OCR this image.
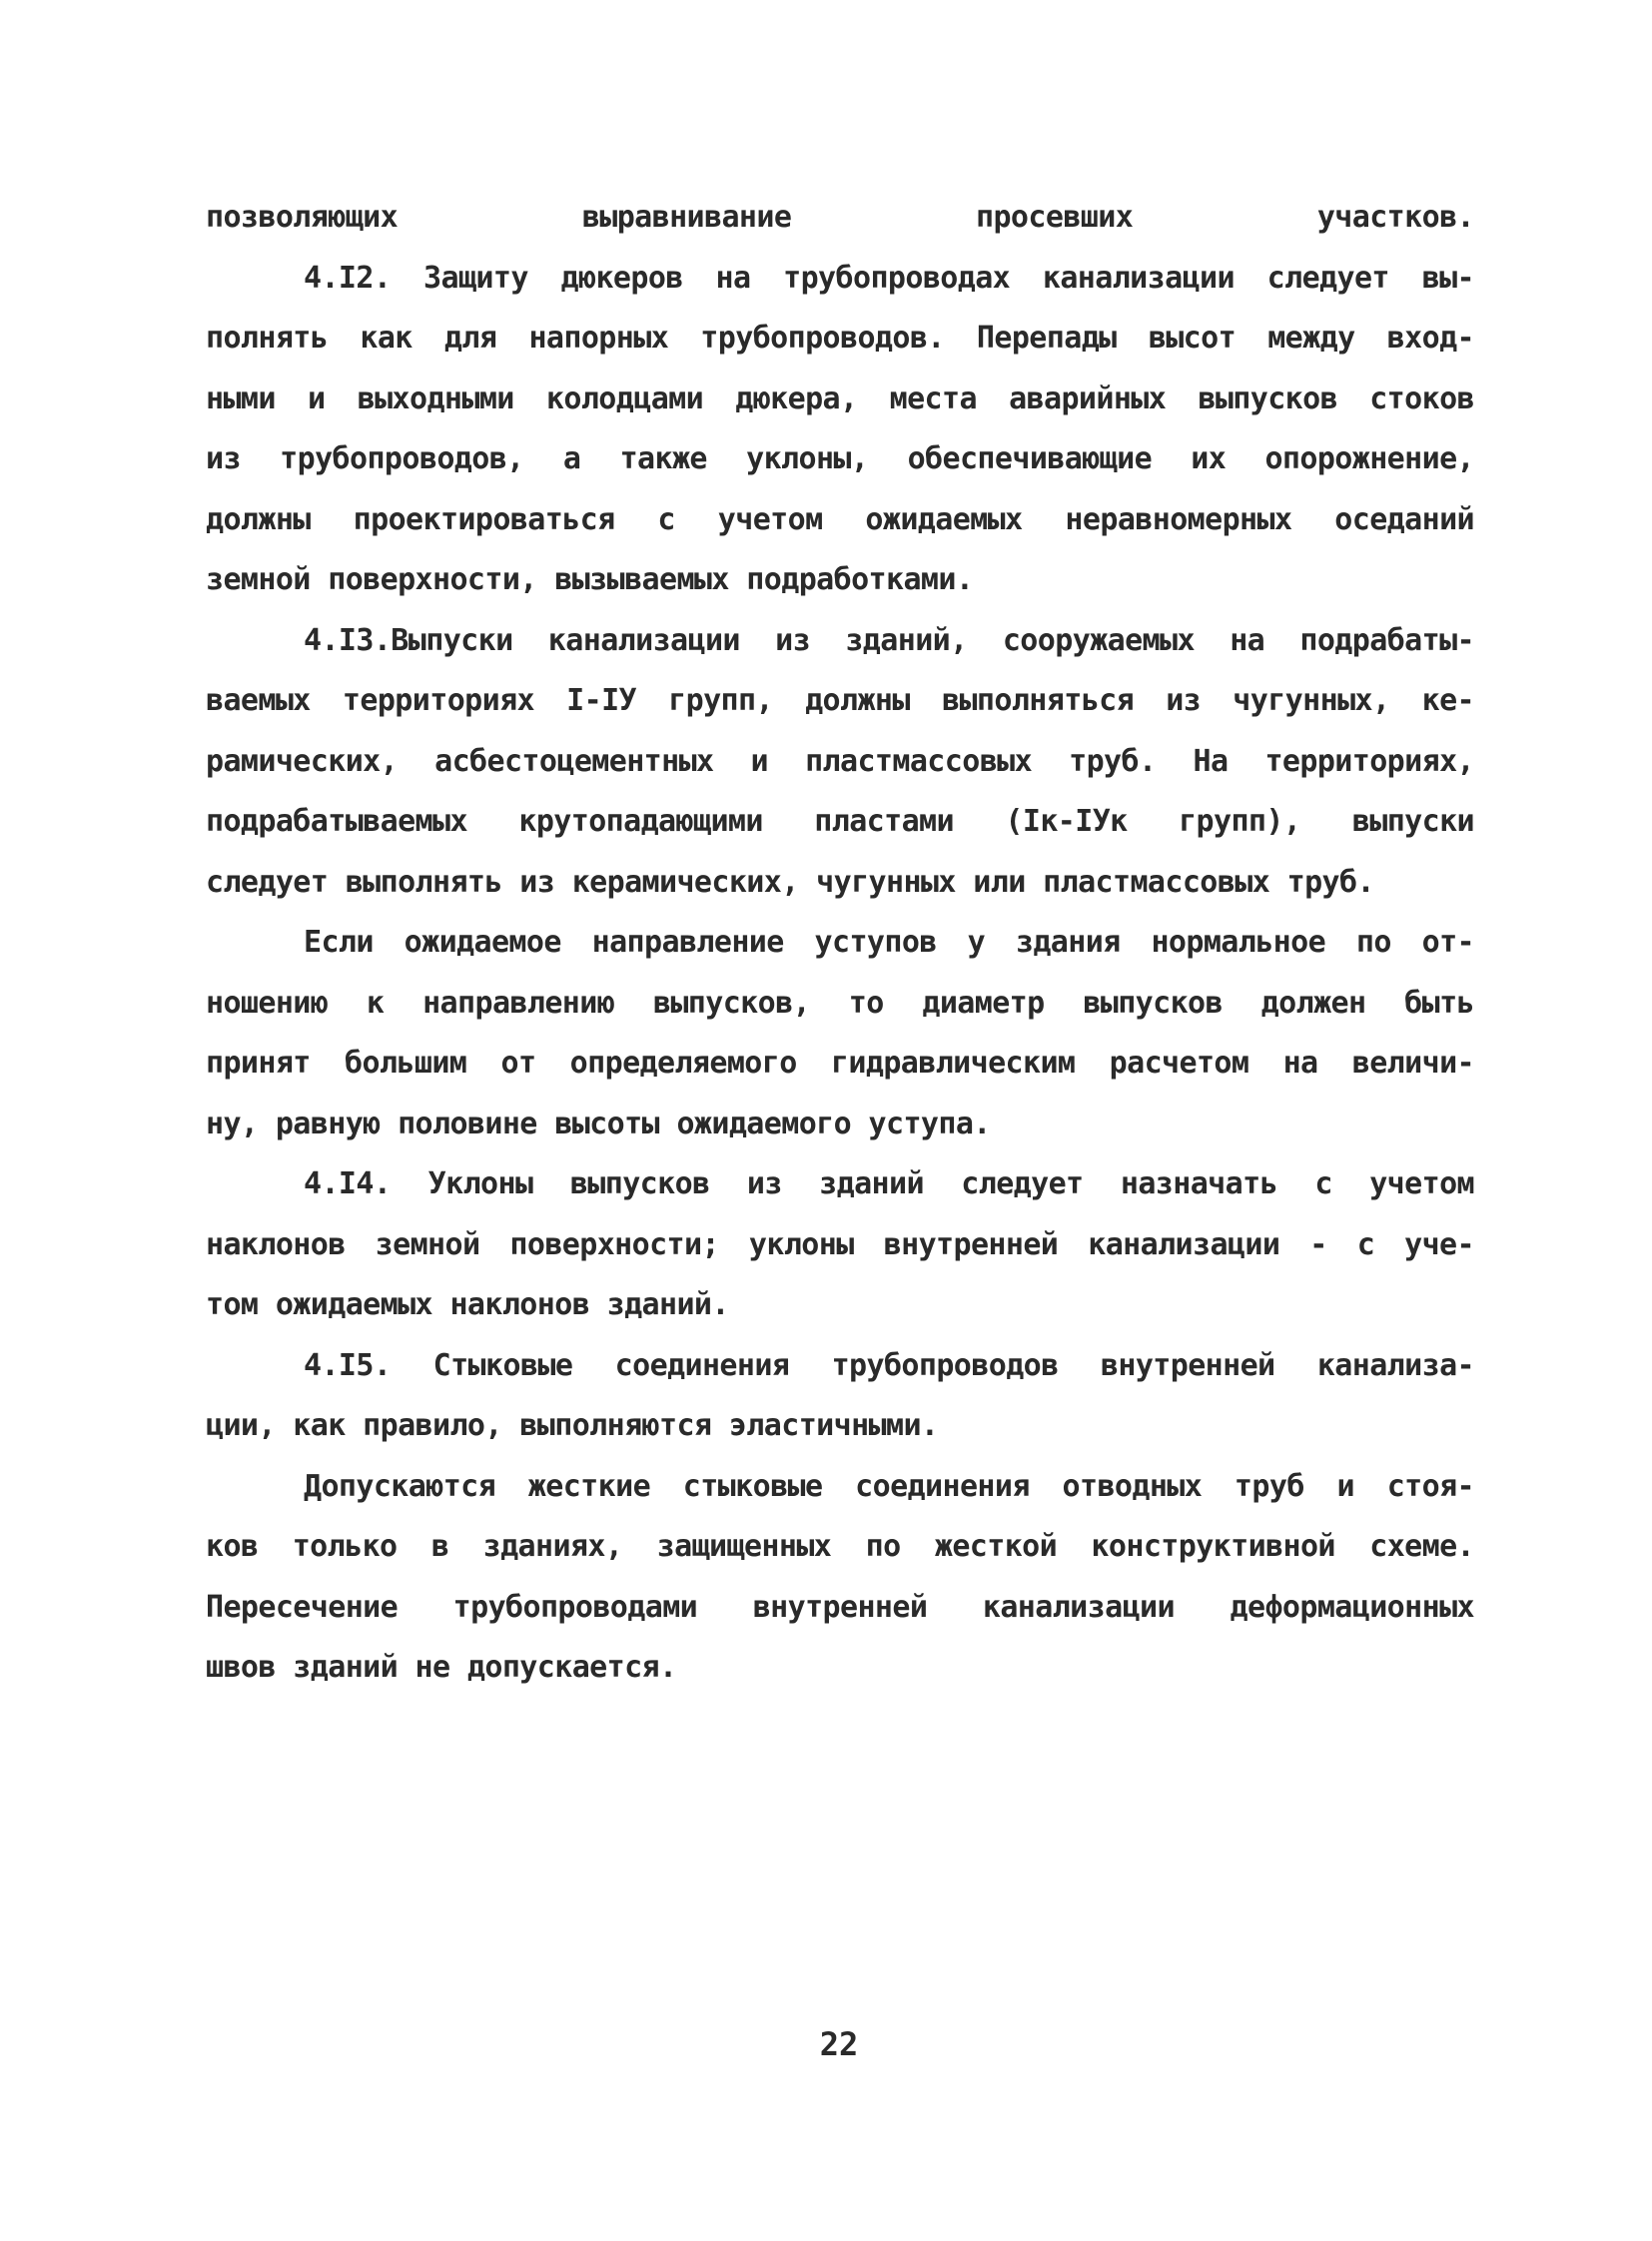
позволяющих выравнивание просевших участков.
4.I2. Защиту дюкеров на трубопроводах канализации следует вы-
полнять как для напорных трубопроводов. Перепады высот между вход-
ными и выходными колодцами дюкера, места аварийных выпусков стоков
из трубопроводов, а также уклоны, обеспечивающие их опорожнение,
должны проектироваться с учетом ожидаемых неравномерных оседаний
земной поверхности, вызываемых подработками.
4.I3.Выпуски канализации из зданий, сооружаемых на подрабаты-
ваемых территориях I-IУ групп, должны выполняться из чугунных, ке-
рамических, асбестоцементных и пластмассовых труб. На территориях,
подрабатываемых крутопадающими пластами (Iк-IУк групп), выпуски
следует выполнять из керамических, чугунных или пластмассовых труб.
Если ожидаемое направление уступов у здания нормальное по от-
ношению к направлению выпусков, то диаметр выпусков должен быть
принят большим от определяемого гидравлическим расчетом на величи-
ну, равную половине высоты ожидаемого уступа.
4.I4. Уклоны выпусков из зданий следует назначать с учетом
наклонов земной поверхности; уклоны внутренней канализации - с уче-
том ожидаемых наклонов зданий.
4.I5. Стыковые соединения трубопроводов внутренней канализа-
ции, как правило, выполняются эластичными.
Допускаются жесткие стыковые соединения отводных труб и стоя-
ков только в зданиях, защищенных по жесткой конструктивной схеме.
Пересечение трубопроводами внутренней канализации деформационных
швов зданий не допускается.
22
